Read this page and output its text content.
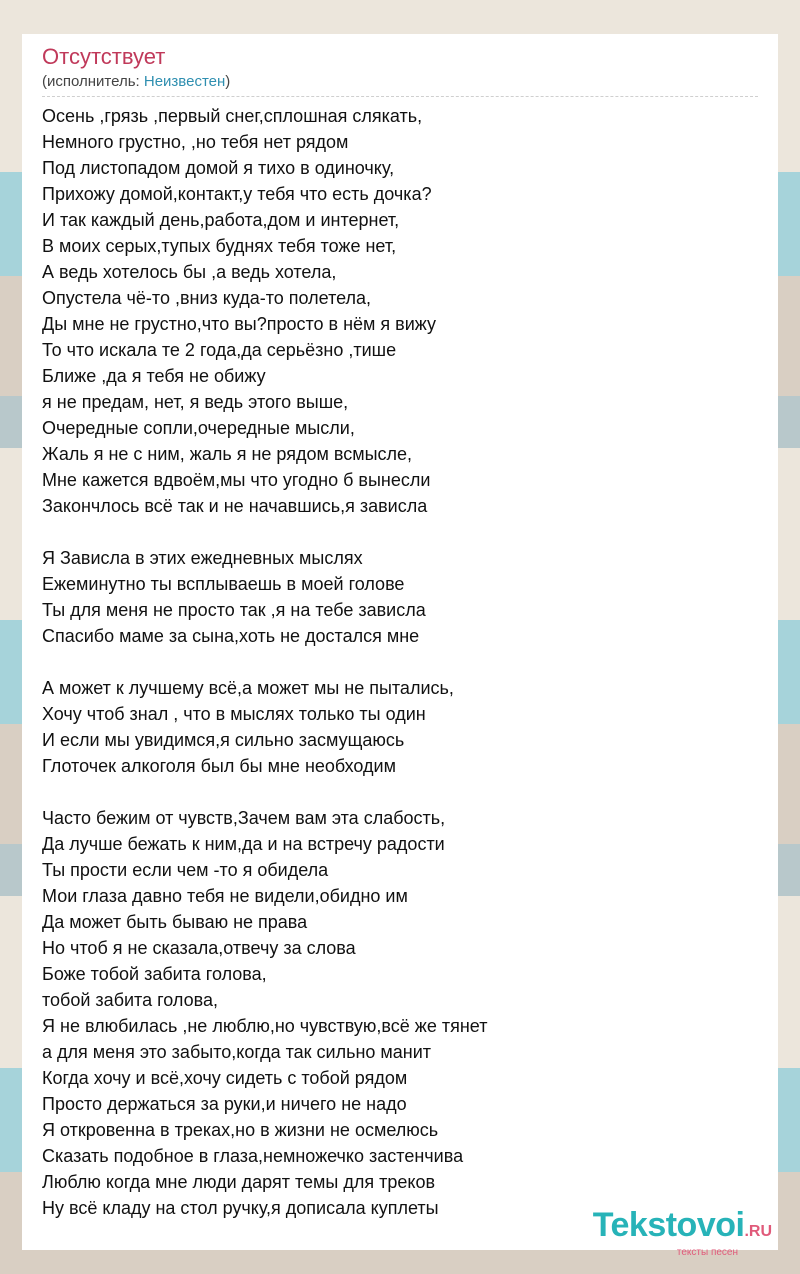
Отсутствует
(исполнитель: Неизвестен)
Осень ,грязь ,первый снег,сплошная слякать,
Немного грустно, ,но тебя нет рядом
Под листопадом домой я тихо в одиночку,
Прихожу домой,контакт,у тебя что есть дочка?
И так каждый день,работа,дом и интернет,
В моих серых,тупых буднях тебя тоже нет,
А ведь хотелось бы ,а ведь хотела,
Опустела чё-то ,вниз куда-то полетела,
Ды мне не грустно,что вы?просто в нём я вижу
То что искала те 2 года,да серьёзно ,тише
Ближе ,да я тебя не обижу
я не предам, нет, я ведь этого выше,
Очередные сопли,очередные мысли,
Жаль я не с ним, жаль я не рядом всмысле,
Мне кажется вдвоём,мы что угодно б вынесли
Закончлось всё так и не начавшись,я зависла
Я Зависла в этих ежедневных мыслях
Ежеминутно ты всплываешь в моей голове
Ты для меня не просто так ,я на тебе зависла
Спасибо маме за сына,хоть не достался мне
А может к лучшему всё,а может мы не пытались,
Хочу чтоб знал , что в мыслях только ты один
И если мы увидимся,я сильно засмущаюсь
Глоточек алкоголя был бы мне необходим
Часто бежим от чувств,Зачем вам эта слабость,
Да лучше бежать к ним,да и на встречу радости
Ты прости если чем -то я обидела
Мои глаза давно тебя не видели,обидно им
Да может быть бываю не права
Но чтоб я не сказала,отвечу за слова
Боже тобой забита голова,
тобой забита голова,
Я не влюбилась ,не люблю,но чувствую,всё же тянет
а для меня это забыто,когда так сильно манит
Когда хочу и всё,хочу сидеть с тобой рядом
Просто держаться за руки,и ничего не надо
Я откровенна в треках,но в жизни не осмелюсь
Сказать подобное в глаза,немножечко застенчива
Люблю когда мне люди дарят темы для треков
Ну всё кладу на стол ручку,я дописала куплеты	Tekstovoi.RU
тексты песен
